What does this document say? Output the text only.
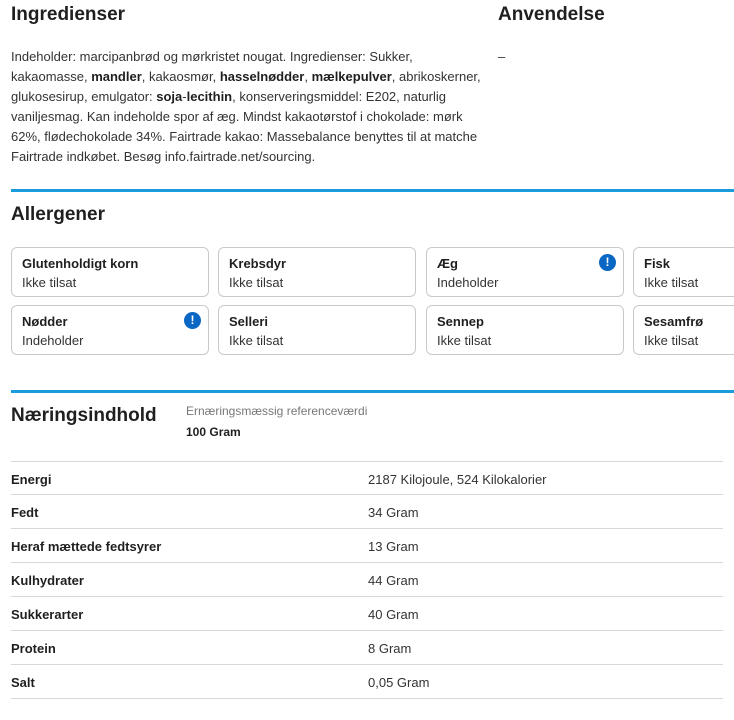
Ingredienser	Anvendelse

Indeholder: marcipanbrød og mørkristet nougat. Ingredienser: Sukker, kakaomasse, mandler, kakaosmør, hasselnødder, mælkepulver, abrikoskerner, glukosesirup, emulgator: soja-lecithin, konserveringsmiddel: E202, naturlig vaniljesmag. Kan indeholde spor af æg. Mindst kakaotørstof i chokolade: mørk 62%, flødechokolade 34%. Fairtrade kakao: Massebalance benyttes til at matche Fairtrade indkøbet. Besøg info.fairtrade.net/sourcing.

–

Allergener
Glutenholdigt korn
Ikke tilsat
Krebsdyr
Ikke tilsat
Æg
Indeholder
!	Fisk
Ikke tilsat
Nødder
Indeholder
!	Selleri
Ikke tilsat
Sennep
Ikke tilsat
Sesamfrø
Ikke tilsat
Næringsindhold Ernæringsmæssig referenceværdi
100 Gram
Energi	2187 Kilojoule, 524 Kilokalorier
Fedt	34 Gram
Heraf mættede fedtsyrer	13 Gram
Kulhydrater	44 Gram
Sukkerarter	40 Gram
Protein	8 Gram
Salt	0,05 Gram
